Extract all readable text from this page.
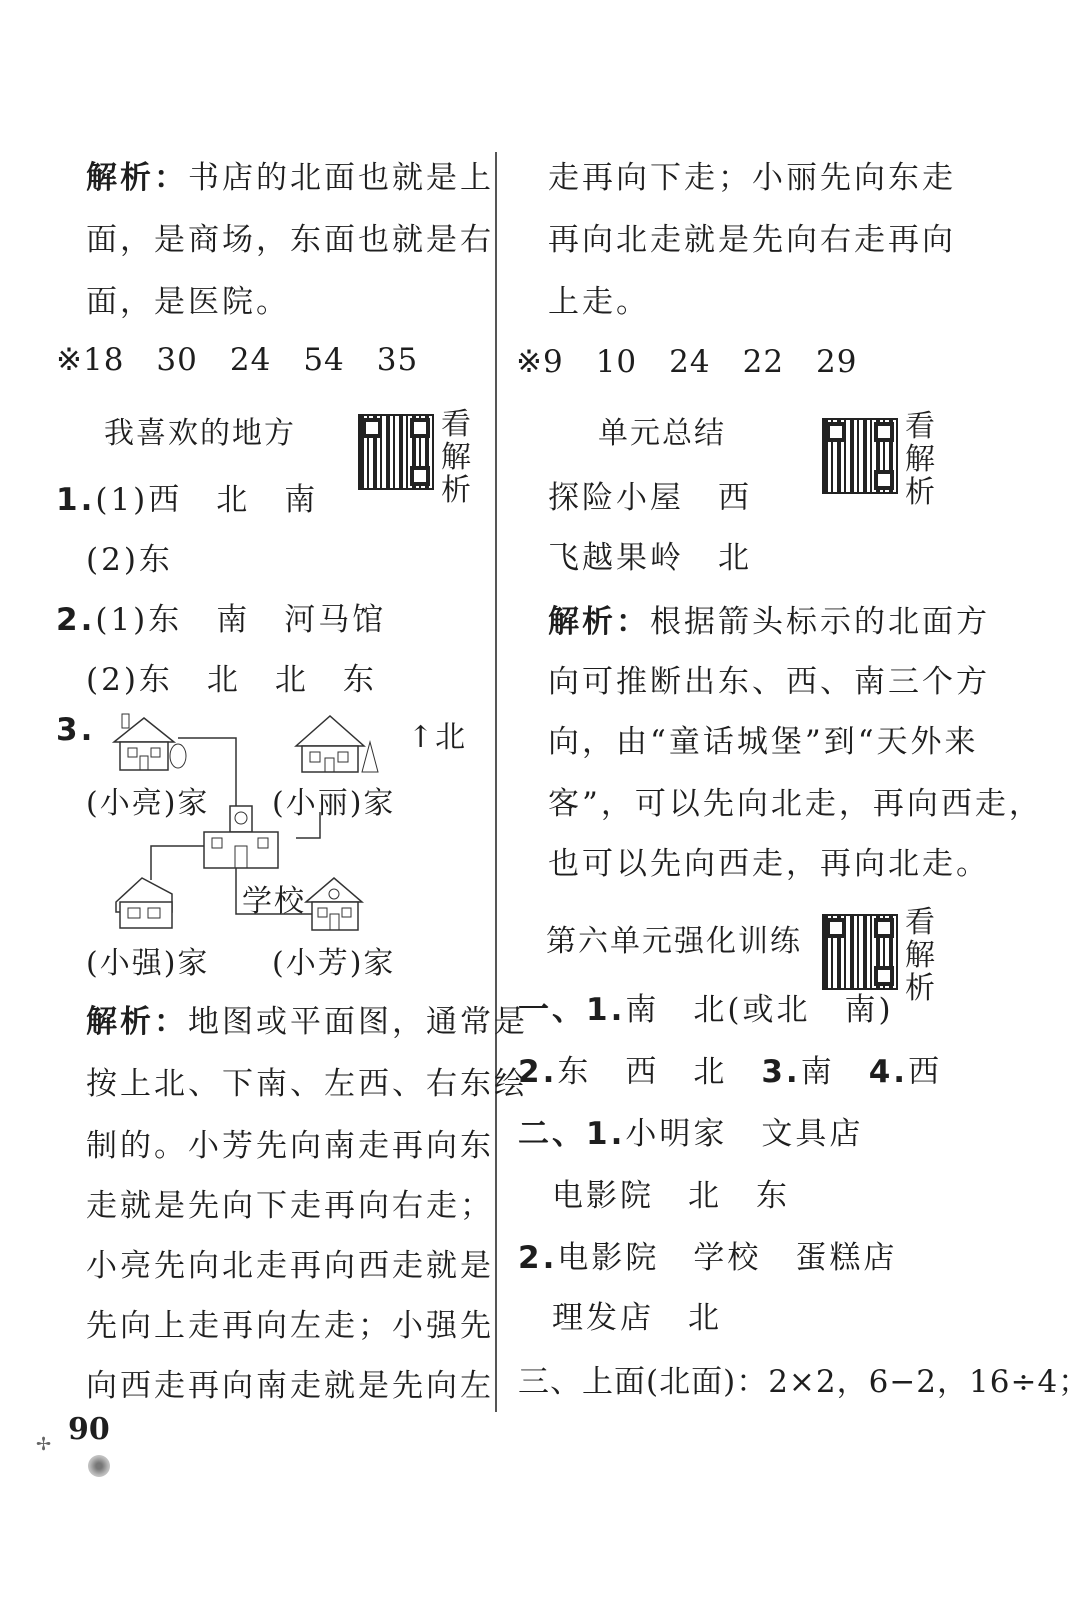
解析：书店的北面也就是上
面，是商场，东面也就是右
面，是医院。
※18　30　24　54　35
我喜欢的地方	看
解
析
1.(1)西　北　南
(2)东
2.(1)东　南　河马馆
(2)东　北　北　东
3.
(小亮)家 (小丽)家
学校
(小强)家 (小芳)家
↑北
解析：地图或平面图，通常是
按上北、下南、左西、右东绘
制的。小芳先向南走再向东
走就是先向下走再向右走；
小亮先向北走再向西走就是
先向上走再向左走；小强先
向西走再向南走就是先向左
✢ 90
走再向下走；小丽先向东走
再向北走就是先向右走再向
上走。
※9　10　24　22　29
单元总结	看
解
析
探险小屋　西
飞越果岭　北
解析：根据箭头标示的北面方
向可推断出东、西、南三个方
向，由“童话城堡”到“天外来
客”，可以先向北走，再向西走，
也可以先向西走，再向北走。
第六单元强化训练
看
解
析
一、1.南　北(或北　南)
2.东　西　北　 3.南　 4.西
二、1.小明家　文具店
电影院　北　东
2.电影院　学校　蛋糕店
理发店　北
三、上面(北面)：2×2，6−2，16÷4；
